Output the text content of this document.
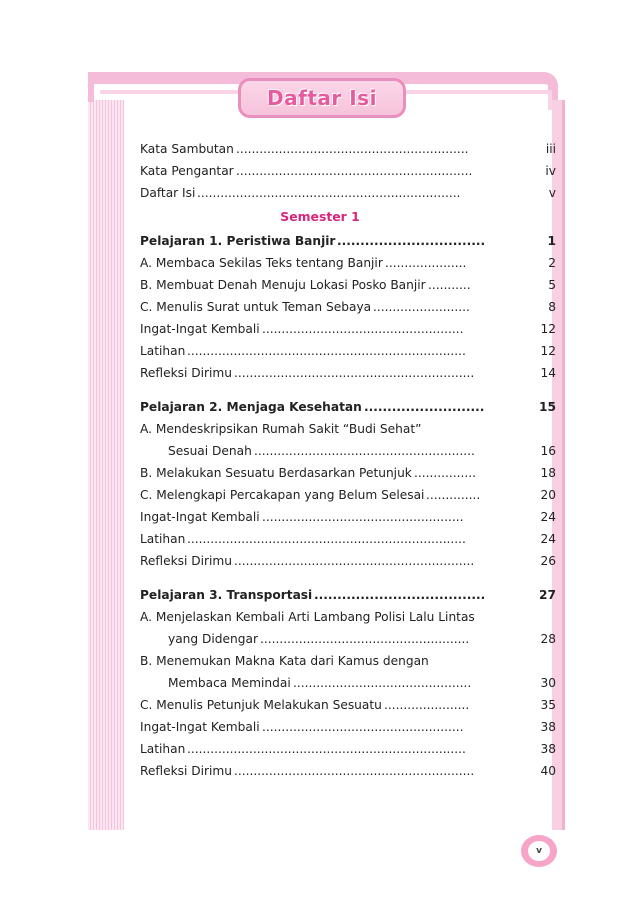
Daftar Isi
Kata Sambutan ............................................................	iii
Kata Pengantar .............................................................	iv
Daftar Isi ....................................................................	v
Semester 1
Pelajaran 1. Peristiwa Banjir ................................	1
A. Membaca Sekilas Teks tentang Banjir .....................	2
B. Membuat Denah Menuju Lokasi Posko Banjir ...........	5
C. Menulis Surat untuk Teman Sebaya .........................	8
Ingat-Ingat Kembali ....................................................	12
Latihan ........................................................................	12
Refleksi Dirimu ..............................................................	14
Pelajaran 2. Menjaga Kesehatan ..........................	15
A. Mendeskripsikan Rumah Sakit “Budi Sehat”
Sesuai Denah .........................................................	16
B. Melakukan Sesuatu Berdasarkan Petunjuk ................	18
C. Melengkapi Percakapan yang Belum Selesai ..............	20
Ingat-Ingat Kembali ....................................................	24
Latihan ........................................................................	24
Refleksi Dirimu ..............................................................	26
Pelajaran 3. Transportasi .....................................	27
A. Menjelaskan Kembali Arti Lambang Polisi Lalu Lintas
yang Didengar ......................................................	28
B. Menemukan Makna Kata dari Kamus dengan
Membaca Memindai ..............................................	30
C. Menulis Petunjuk Melakukan Sesuatu ......................	35
Ingat-Ingat Kembali ....................................................	38
Latihan ........................................................................	38
Refleksi Dirimu ..............................................................	40
v
